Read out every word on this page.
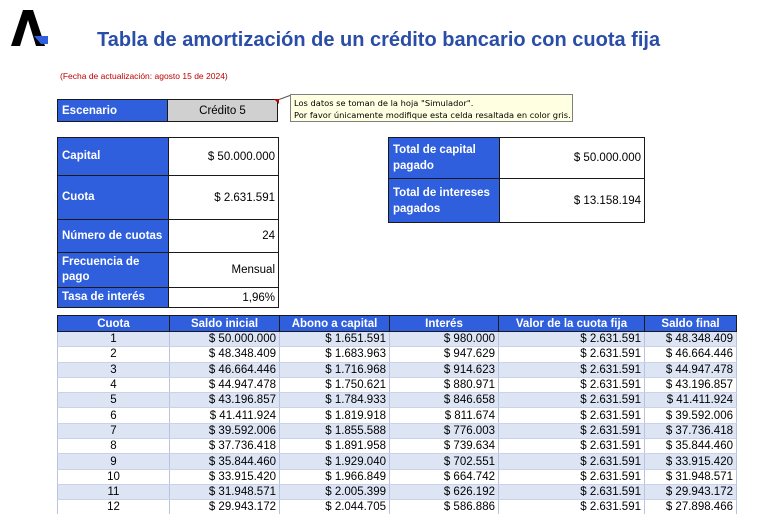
Tabla de amortización de un crédito bancario con cuota fija
(Fecha de actualización: agosto 15 de 2024)
Escenario	Crédito 5
Los datos se toman de la hoja "Simulador".
Por favor únicamente modifique esta celda resaltada en color gris.
Capital	$ 50.000.000
Cuota	$ 2.631.591
Número de cuotas	24
Frecuencia de pago	Mensual
Tasa de interés	1,96%
Total de capital pagado	$ 50.000.000
Total de intereses pagados	$ 13.158.194
Cuota	Saldo inicial	Abono a capital	Interés	Valor de la cuota fija	Saldo final
1	$ 50.000.000	$ 1.651.591	$ 980.000	$ 2.631.591	$ 48.348.409
2	$ 48.348.409	$ 1.683.963	$ 947.629	$ 2.631.591	$ 46.664.446
3	$ 46.664.446	$ 1.716.968	$ 914.623	$ 2.631.591	$ 44.947.478
4	$ 44.947.478	$ 1.750.621	$ 880.971	$ 2.631.591	$ 43.196.857
5	$ 43.196.857	$ 1.784.933	$ 846.658	$ 2.631.591	$ 41.411.924
6	$ 41.411.924	$ 1.819.918	$ 811.674	$ 2.631.591	$ 39.592.006
7	$ 39.592.006	$ 1.855.588	$ 776.003	$ 2.631.591	$ 37.736.418
8	$ 37.736.418	$ 1.891.958	$ 739.634	$ 2.631.591	$ 35.844.460
9	$ 35.844.460	$ 1.929.040	$ 702.551	$ 2.631.591	$ 33.915.420
10	$ 33.915.420	$ 1.966.849	$ 664.742	$ 2.631.591	$ 31.948.571
11	$ 31.948.571	$ 2.005.399	$ 626.192	$ 2.631.591	$ 29.943.172
12	$ 29.943.172	$ 2.044.705	$ 586.886	$ 2.631.591	$ 27.898.466
